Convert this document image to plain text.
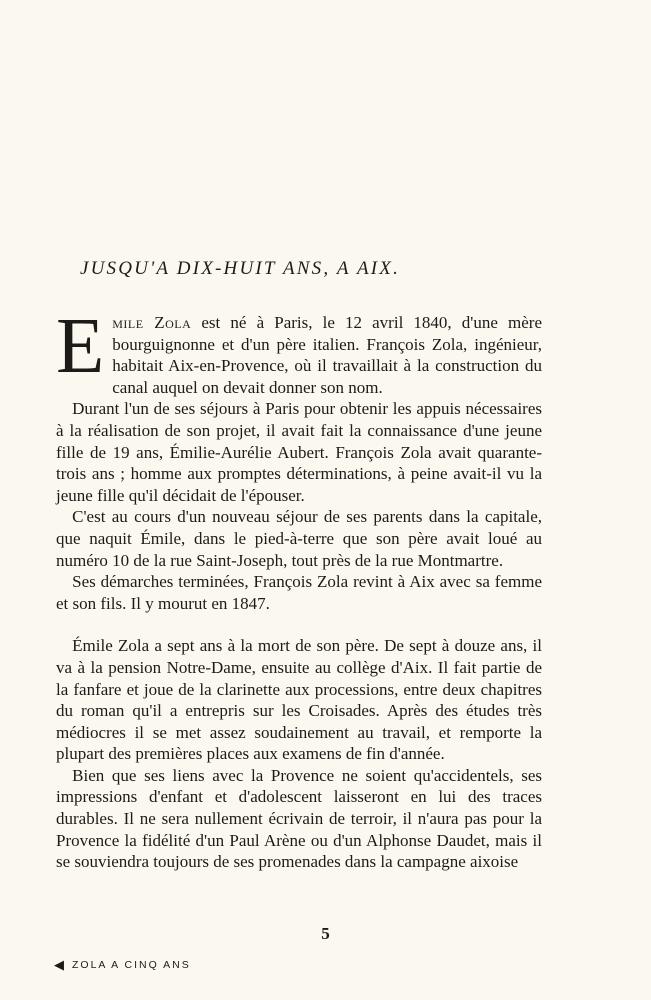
JUSQU'A DIX-HUIT ANS, A AIX.

Emile Zola est né à Paris, le 12 avril 1840, d'une mère bourguignonne et d'un père italien. François Zola, ingénieur, habitait Aix-en-Provence, où il travaillait à la construction du canal auquel on devait donner son nom.

Durant l'un de ses séjours à Paris pour obtenir les appuis nécessaires à la réalisation de son projet, il avait fait la connaissance d'une jeune fille de 19 ans, Émilie-Aurélie Aubert. François Zola avait quarante-trois ans ; homme aux promptes déterminations, à peine avait-il vu la jeune fille qu'il décidait de l'épouser.

C'est au cours d'un nouveau séjour de ses parents dans la capitale, que naquit Émile, dans le pied-à-terre que son père avait loué au numéro 10 de la rue Saint-Joseph, tout près de la rue Montmartre.

Ses démarches terminées, François Zola revint à Aix avec sa femme et son fils. Il y mourut en 1847.

Émile Zola a sept ans à la mort de son père. De sept à douze ans, il va à la pension Notre-Dame, ensuite au collège d'Aix. Il fait partie de la fanfare et joue de la clarinette aux processions, entre deux chapitres du roman qu'il a entrepris sur les Croisades. Après des études très médiocres il se met assez soudainement au travail, et remporte la plupart des premières places aux examens de fin d'année.

Bien que ses liens avec la Provence ne soient qu'accidentels, ses impressions d'enfant et d'adolescent laisseront en lui des traces durables. Il ne sera nullement écrivain de terroir, il n'aura pas pour la Provence la fidélité d'un Paul Arène ou d'un Alphonse Daudet, mais il se souviendra toujours de ses promenades dans la campagne aixoise

5
◀ ZOLA A CINQ ANS
